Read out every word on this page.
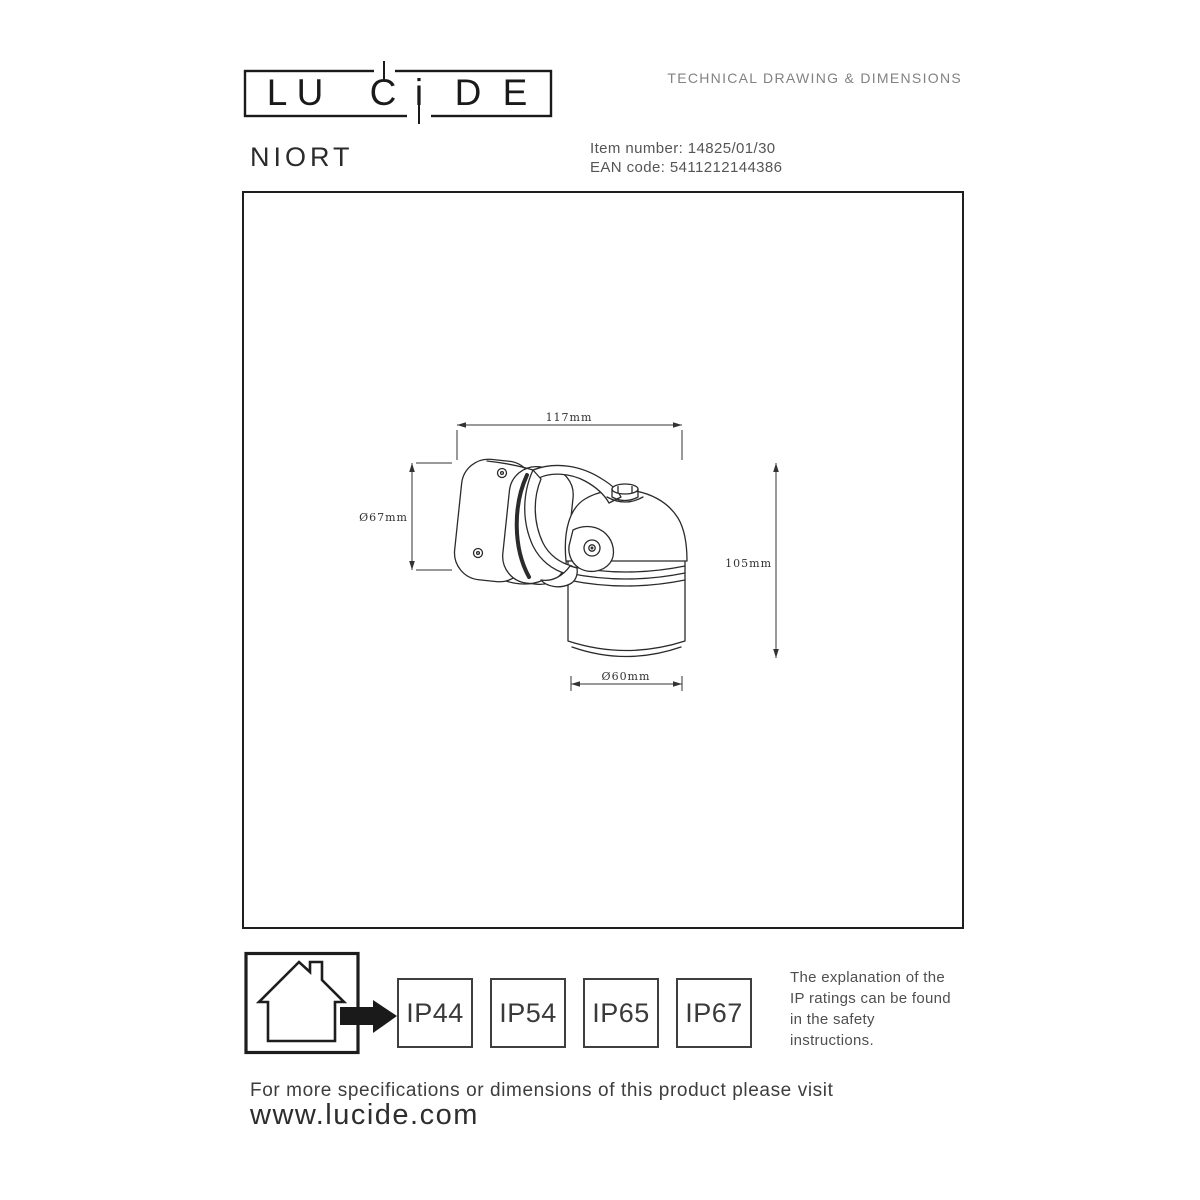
L U C i D E	TECHNICAL DRAWING & DIMENSIONS
NIORT	Item number: 14825/01/30
EAN code: 5411212144386
117mm
Ø67mm
105mm
Ø60mm
IP44	IP54	IP65	IP67
The explanation of the IP ratings can be found in the safety instructions.
For more specifications or dimensions of this product please visit
www.lucide.com
